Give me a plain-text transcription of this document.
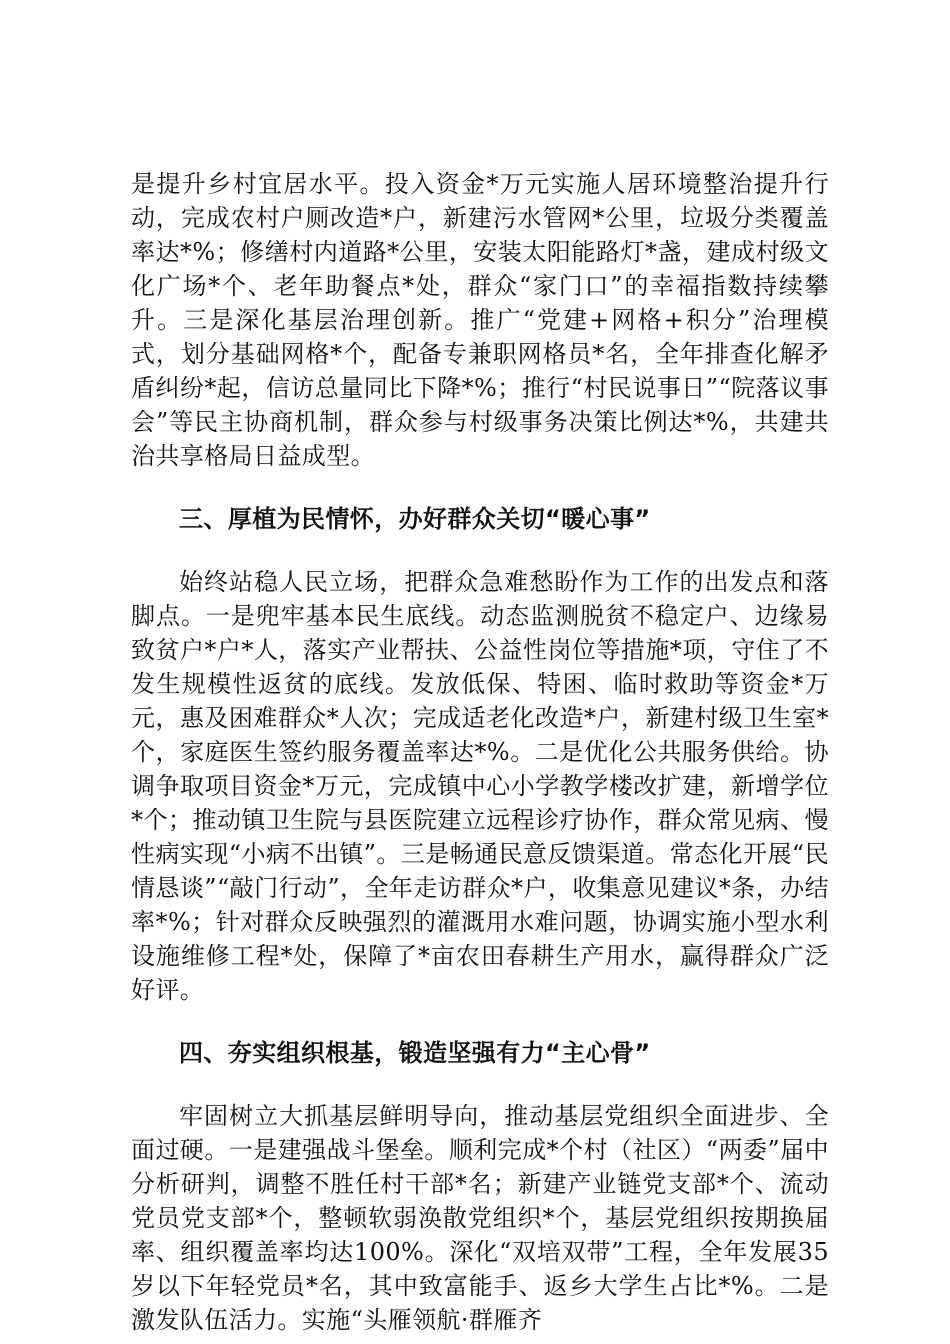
是提升乡村宜居水平。投入资金*万元实施人居环境整治提升行动，完成农村户厕改造*户，新建污水管网*公里，垃圾分类覆盖率达*%；修缮村内道路*公里，安装太阳能路灯*盏，建成村级文化广场*个、老年助餐点*处，群众“家门口”的幸福指数持续攀升。三是深化基层治理创新。推广“党建+网格+积分”治理模式，划分基础网格*个，配备专兼职网格员*名，全年排查化解矛盾纠纷*起，信访总量同比下降*%；推行“村民说事日”“院落议事会”等民主协商机制，群众参与村级事务决策比例达*%，共建共治共享格局日益成型。

三、厚植为民情怀，办好群众关切“暖心事”

始终站稳人民立场，把群众急难愁盼作为工作的出发点和落脚点。一是兜牢基本民生底线。动态监测脱贫不稳定户、边缘易致贫户*户*人，落实产业帮扶、公益性岗位等措施*项，守住了不发生规模性返贫的底线。发放低保、特困、临时救助等资金*万元，惠及困难群众*人次；完成适老化改造*户，新建村级卫生室*个，家庭医生签约服务覆盖率达*%。二是优化公共服务供给。协调争取项目资金*万元，完成镇中心小学教学楼改扩建，新增学位*个；推动镇卫生院与县医院建立远程诊疗协作，群众常见病、慢性病实现“小病不出镇”。三是畅通民意反馈渠道。常态化开展“民情恳谈”“敲门行动”，全年走访群众*户，收集意见建议*条，办结率*%；针对群众反映强烈的灌溉用水难问题，协调实施小型水利设施维修工程*处，保障了*亩农田春耕生产用水，赢得群众广泛好评。

四、夯实组织根基，锻造坚强有力“主心骨”

牢固树立大抓基层鲜明导向，推动基层党组织全面进步、全面过硬。一是建强战斗堡垒。顺利完成*个村（社区）“两委”届中分析研判，调整不胜任村干部*名；新建产业链党支部*个、流动党员党支部*个，整顿软弱涣散党组织*个，基层党组织按期换届率、组织覆盖率均达100%。深化“双培双带”工程，全年发展35岁以下年轻党员*名，其中致富能手、返乡大学生占比*%。二是激发队伍活力。实施“头雁领航·群雁齐
